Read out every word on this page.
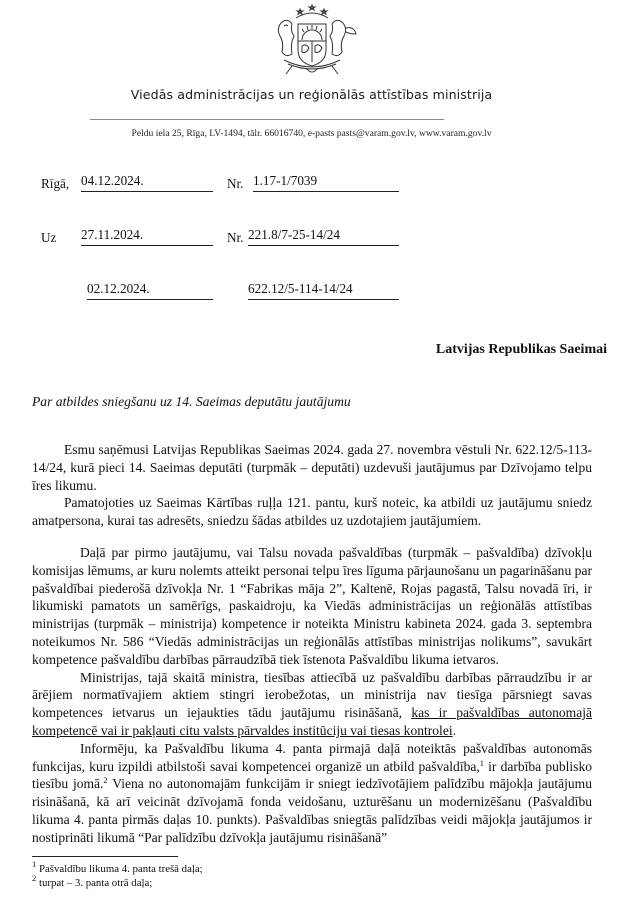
Viedās administrācijas un reģionālās attīstības ministrija
Peldu iela 25, Rīga, LV-1494, tālr. 66016740, e-pasts pasts@varam.gov.lv, www.varam.gov.lv
Rīgā, 04.12.2024.	Nr. 1.17-1/7039
Uz 27.11.2024.	Nr. 221.8/7-25-14/24
02.12.2024.	622.12/5-114-14/24
Latvijas Republikas Saeimai
Par atbildes sniegšanu uz 14. Saeimas deputātu jautājumu

Esmu saņēmusi Latvijas Republikas Saeimas 2024. gada 27. novembra vēstuli Nr. 622.12/5-113-14/24, kurā pieci 14. Saeimas deputāti (turpmāk – deputāti) uzdevuši jautājumus par Dzīvojamo telpu īres likumu.

Pamatojoties uz Saeimas Kārtības ruļļa 121. pantu, kurš noteic, ka atbildi uz jautājumu sniedz amatpersona, kurai tas adresēts, sniedzu šādas atbildes uz uzdotajiem jautājumiem.

Daļā par pirmo jautājumu, vai Talsu novada pašvaldības (turpmāk – pašvaldība) dzīvokļu komisijas lēmums, ar kuru nolemts atteikt personai telpu īres līguma pārjaunošanu un pagarināšanu par pašvaldībai piederošā dzīvokļa Nr. 1 “Fabrikas māja 2”, Kaltenē, Rojas pagastā, Talsu novadā īri, ir likumiski pamatots un samērīgs, paskaidroju, ka Viedās administrācijas un reģionālās attīstības ministrijas (turpmāk – ministrija) kompetence ir noteikta Ministru kabineta 2024. gada 3. septembra noteikumos Nr. 586 “Viedās administrācijas un reģionālās attīstības ministrijas nolikums”, savukārt kompetence pašvaldību darbības pārraudzībā tiek īstenota Pašvaldību likuma ietvaros.

Ministrijas, tajā skaitā ministra, tiesības attiecībā uz pašvaldību darbības pārraudzību ir ar ārējiem normatīvajiem aktiem stingri ierobežotas, un ministrija nav tiesīga pārsniegt savas kompetences ietvarus un iejaukties tādu jautājumu risināšanā, kas ir pašvaldības autonomajā kompetencē vai ir pakļauti citu valsts pārvaldes institūciju vai tiesas kontrolei.

Informēju, ka Pašvaldību likuma 4. panta pirmajā daļā noteiktās pašvaldības autonomās funkcijas, kuru izpildi atbilstoši savai kompetencei organizē un atbild pašvaldība,$^1$ ir darbība publisko tiesību jomā.$^2$ Viena no autonomajām funkcijām ir sniegt iedzīvotājiem palīdzību mājokļa jautājumu risināšanā, kā arī veicināt dzīvojamā fonda veidošanu, uzturēšanu un modernizēšanu (Pašvaldību likuma 4. panta pirmās daļas 10. punkts). Pašvaldības sniegtās palīdzības veidi mājokļa jautājumos ir nostiprināti likumā “Par palīdzību dzīvokļa jautājumu risināšanā”

$^1$ Pašvaldību likuma 4. panta trešā daļa;
$^2$ turpat – 3. panta otrā daļa;
